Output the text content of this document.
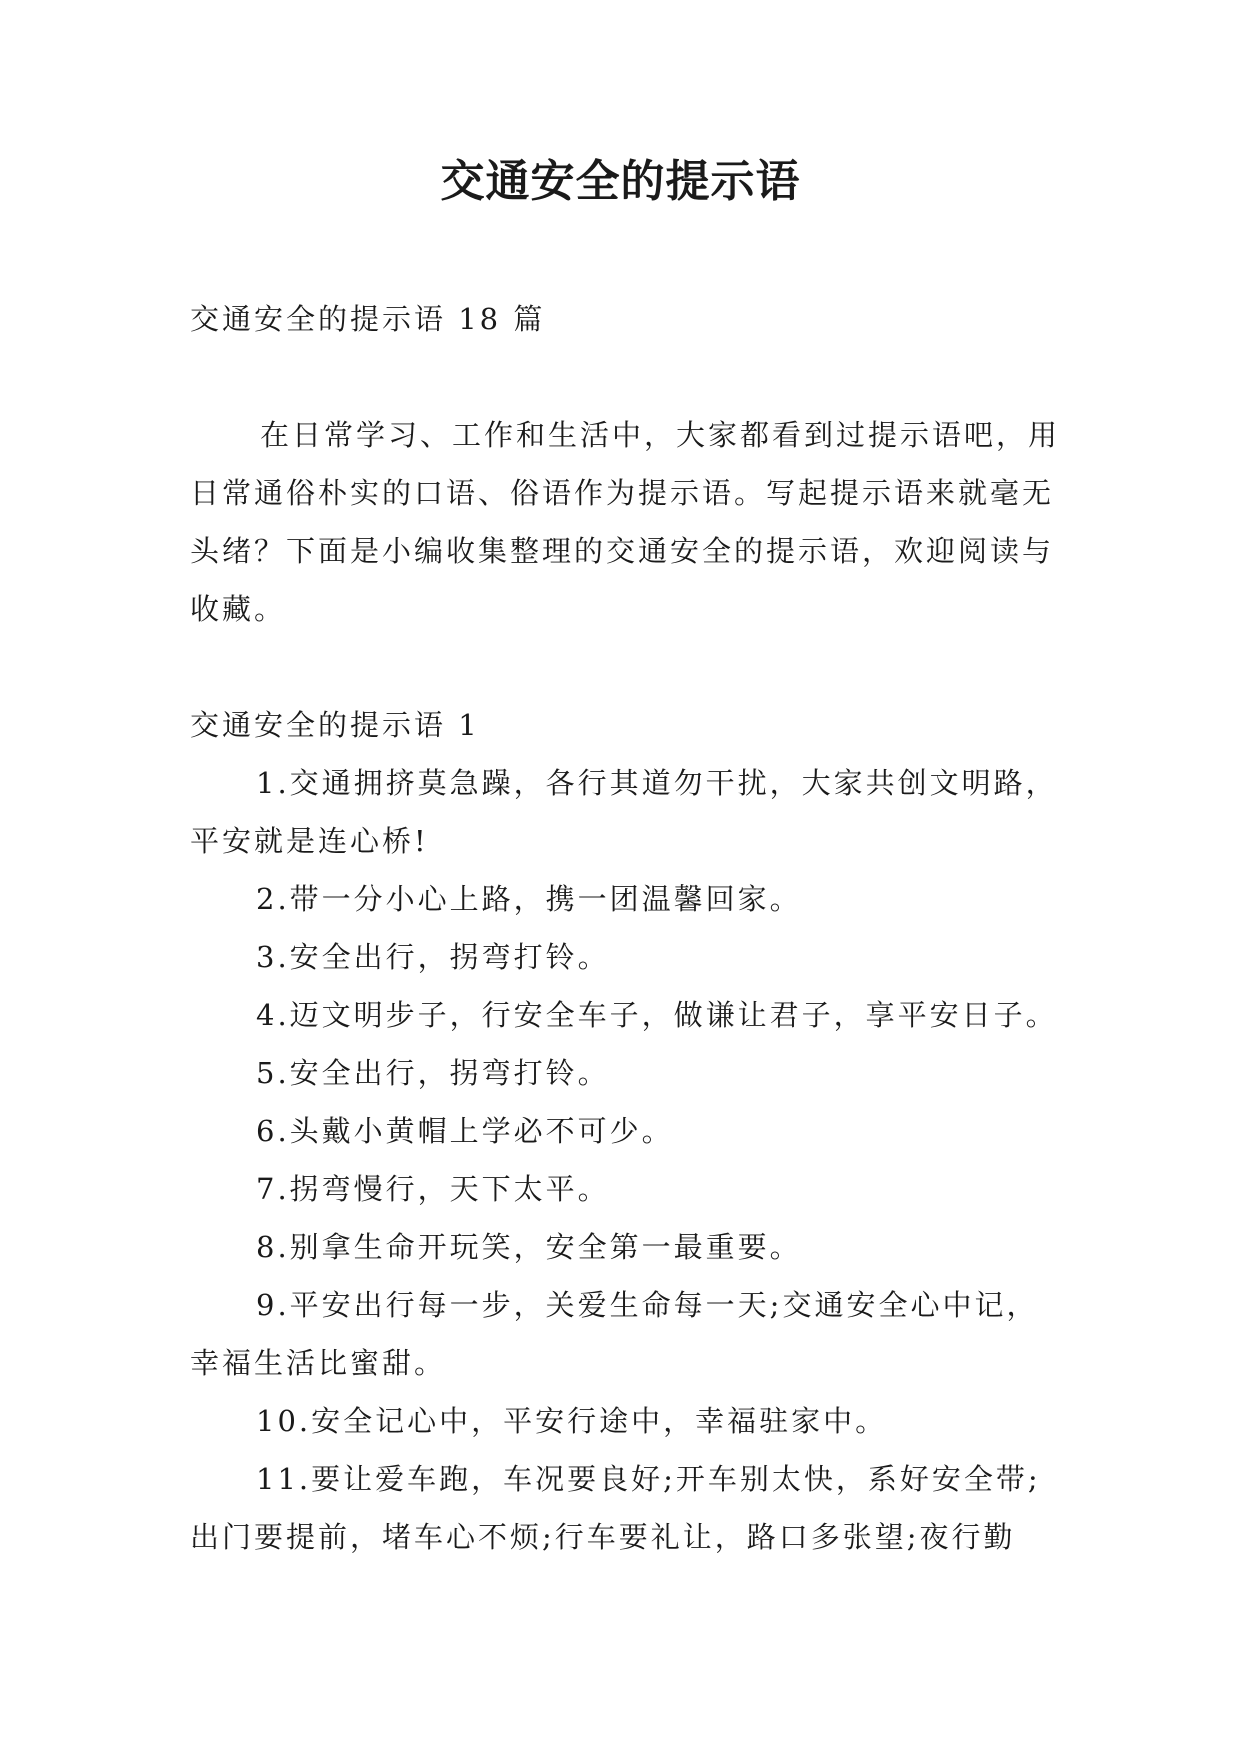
交通安全的提示语

交通安全的提示语 18 篇

在日常学习、工作和生活中，大家都看到过提示语吧，用日常通俗朴实的口语、俗语作为提示语。写起提示语来就毫无头绪？下面是小编收集整理的交通安全的提示语，欢迎阅读与收藏。

交通安全的提示语 1

1.交通拥挤莫急躁，各行其道勿干扰，大家共创文明路，平安就是连心桥!
2.带一分小心上路，携一团温馨回家。
3.安全出行，拐弯打铃。
4.迈文明步子，行安全车子，做谦让君子，享平安日子。
5.安全出行，拐弯打铃。
6.头戴小黄帽上学必不可少。
7.拐弯慢行，天下太平。
8.别拿生命开玩笑，安全第一最重要。
9.平安出行每一步，关爱生命每一天;交通安全心中记，幸福生活比蜜甜。
10.安全记心中，平安行途中，幸福驻家中。
11.要让爱车跑，车况要良好;开车别太快，系好安全带;出门要提前，堵车心不烦;行车要礼让，路口多张望;夜行勤
